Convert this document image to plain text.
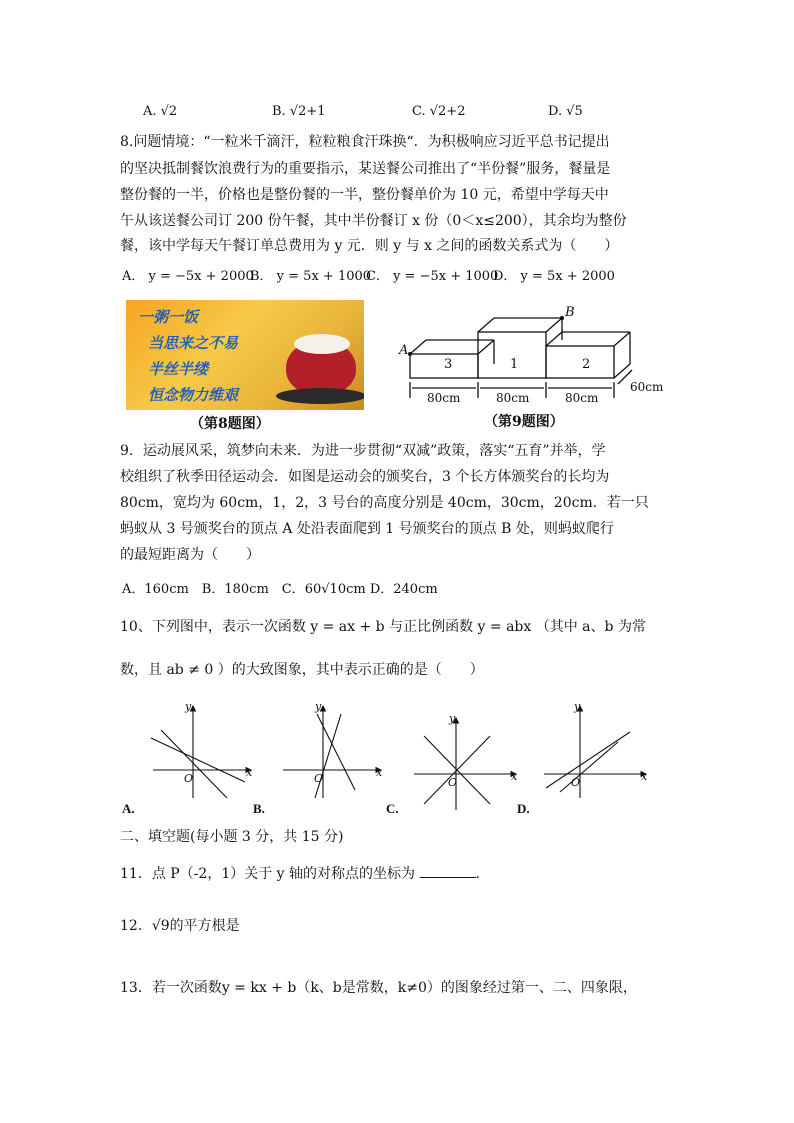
A. √2	B. √2+1	C. √2+2	D. √5
8.问题情境：“一粒米千滴汗，粒粒粮食汗珠换“．为积极响应习近平总书记提出
的坚决抵制餐饮浪费行为的重要指示，某送餐公司推出了“半份餐”服务，餐量是
整份餐的一半，价格也是整份餐的一半，整份餐单价为 10 元，希望中学每天中
午从该送餐公司订 200 份午餐，其中半份餐订 x 份（0＜x≤200），其余均为整份
餐，该中学每天午餐订单总费用为 y 元．则 y 与 x 之间的函数关系式为（　　）
A． y = −5x + 2000
B． y = 5x + 1000
C． y = −5x + 1000
D． y = 5x + 2000
一粥一饭
当思来之不易
半丝半缕
恒念物力维艰
（第8题图）
A
B
3	1	2
80cm	80cm	80cm
60cm
（第9题图）
9．运动展风采，筑梦向未来．为进一步贯彻“双减”政策，落实“五育”并举，学
校组织了秋季田径运动会．如图是运动会的颁奖台，3 个长方体颁奖台的长均为
80cm，宽均为 60cm，1，2，3 号台的高度分别是 40cm，30cm，20cm．若一只
蚂蚁从 3 号颁奖台的顶点 A 处沿表面爬到 1 号颁奖台的顶点 B 处，则蚂蚁爬行
的最短距离为（　　）
A．160cm　B．180cm　C．60√10cm D．240cm
10、下列图中，表示一次函数 y = ax + b 与正比例函数 y = abx （其中 a、b 为常
数，且 ab ≠ 0 ）的大致图象，其中表示正确的是（　　）
y
x
O
y
x
O
y
x
O
y
x
O
A.	B.	C.	D.
二、填空题(每小题 3 分，共 15 分)
11．点 P（-2，1）关于 y 轴的对称点的坐标为	.
12．√9的平方根是
13．若一次函数y = kx + b（k、b是常数，k≠0）的图象经过第一、二、四象限，
